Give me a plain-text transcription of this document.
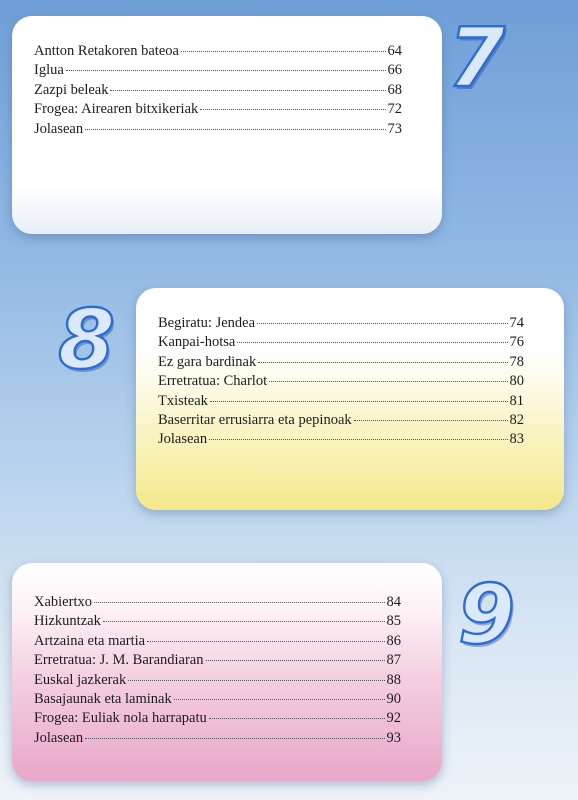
Antton Retakoren bateoa	64
Iglua	66
Zazpi beleak	68
Frogea: Airearen bitxikeriak	72
Jolasean	73
7
Begiratu: Jendea	74
Kanpai-hotsa	76
Ez gara bardinak	78
Erretratua: Charlot	80
Txisteak	81
Baserritar errusiarra eta pepinoak	82
Jolasean	83
8
Xabiertxo	84
Hizkuntzak	85
Artzaina eta martia	86
Erretratua: J. M. Barandiaran	87
Euskal jazkerak	88
Basajaunak eta laminak	90
Frogea: Euliak nola harrapatu	92
Jolasean	93
9
